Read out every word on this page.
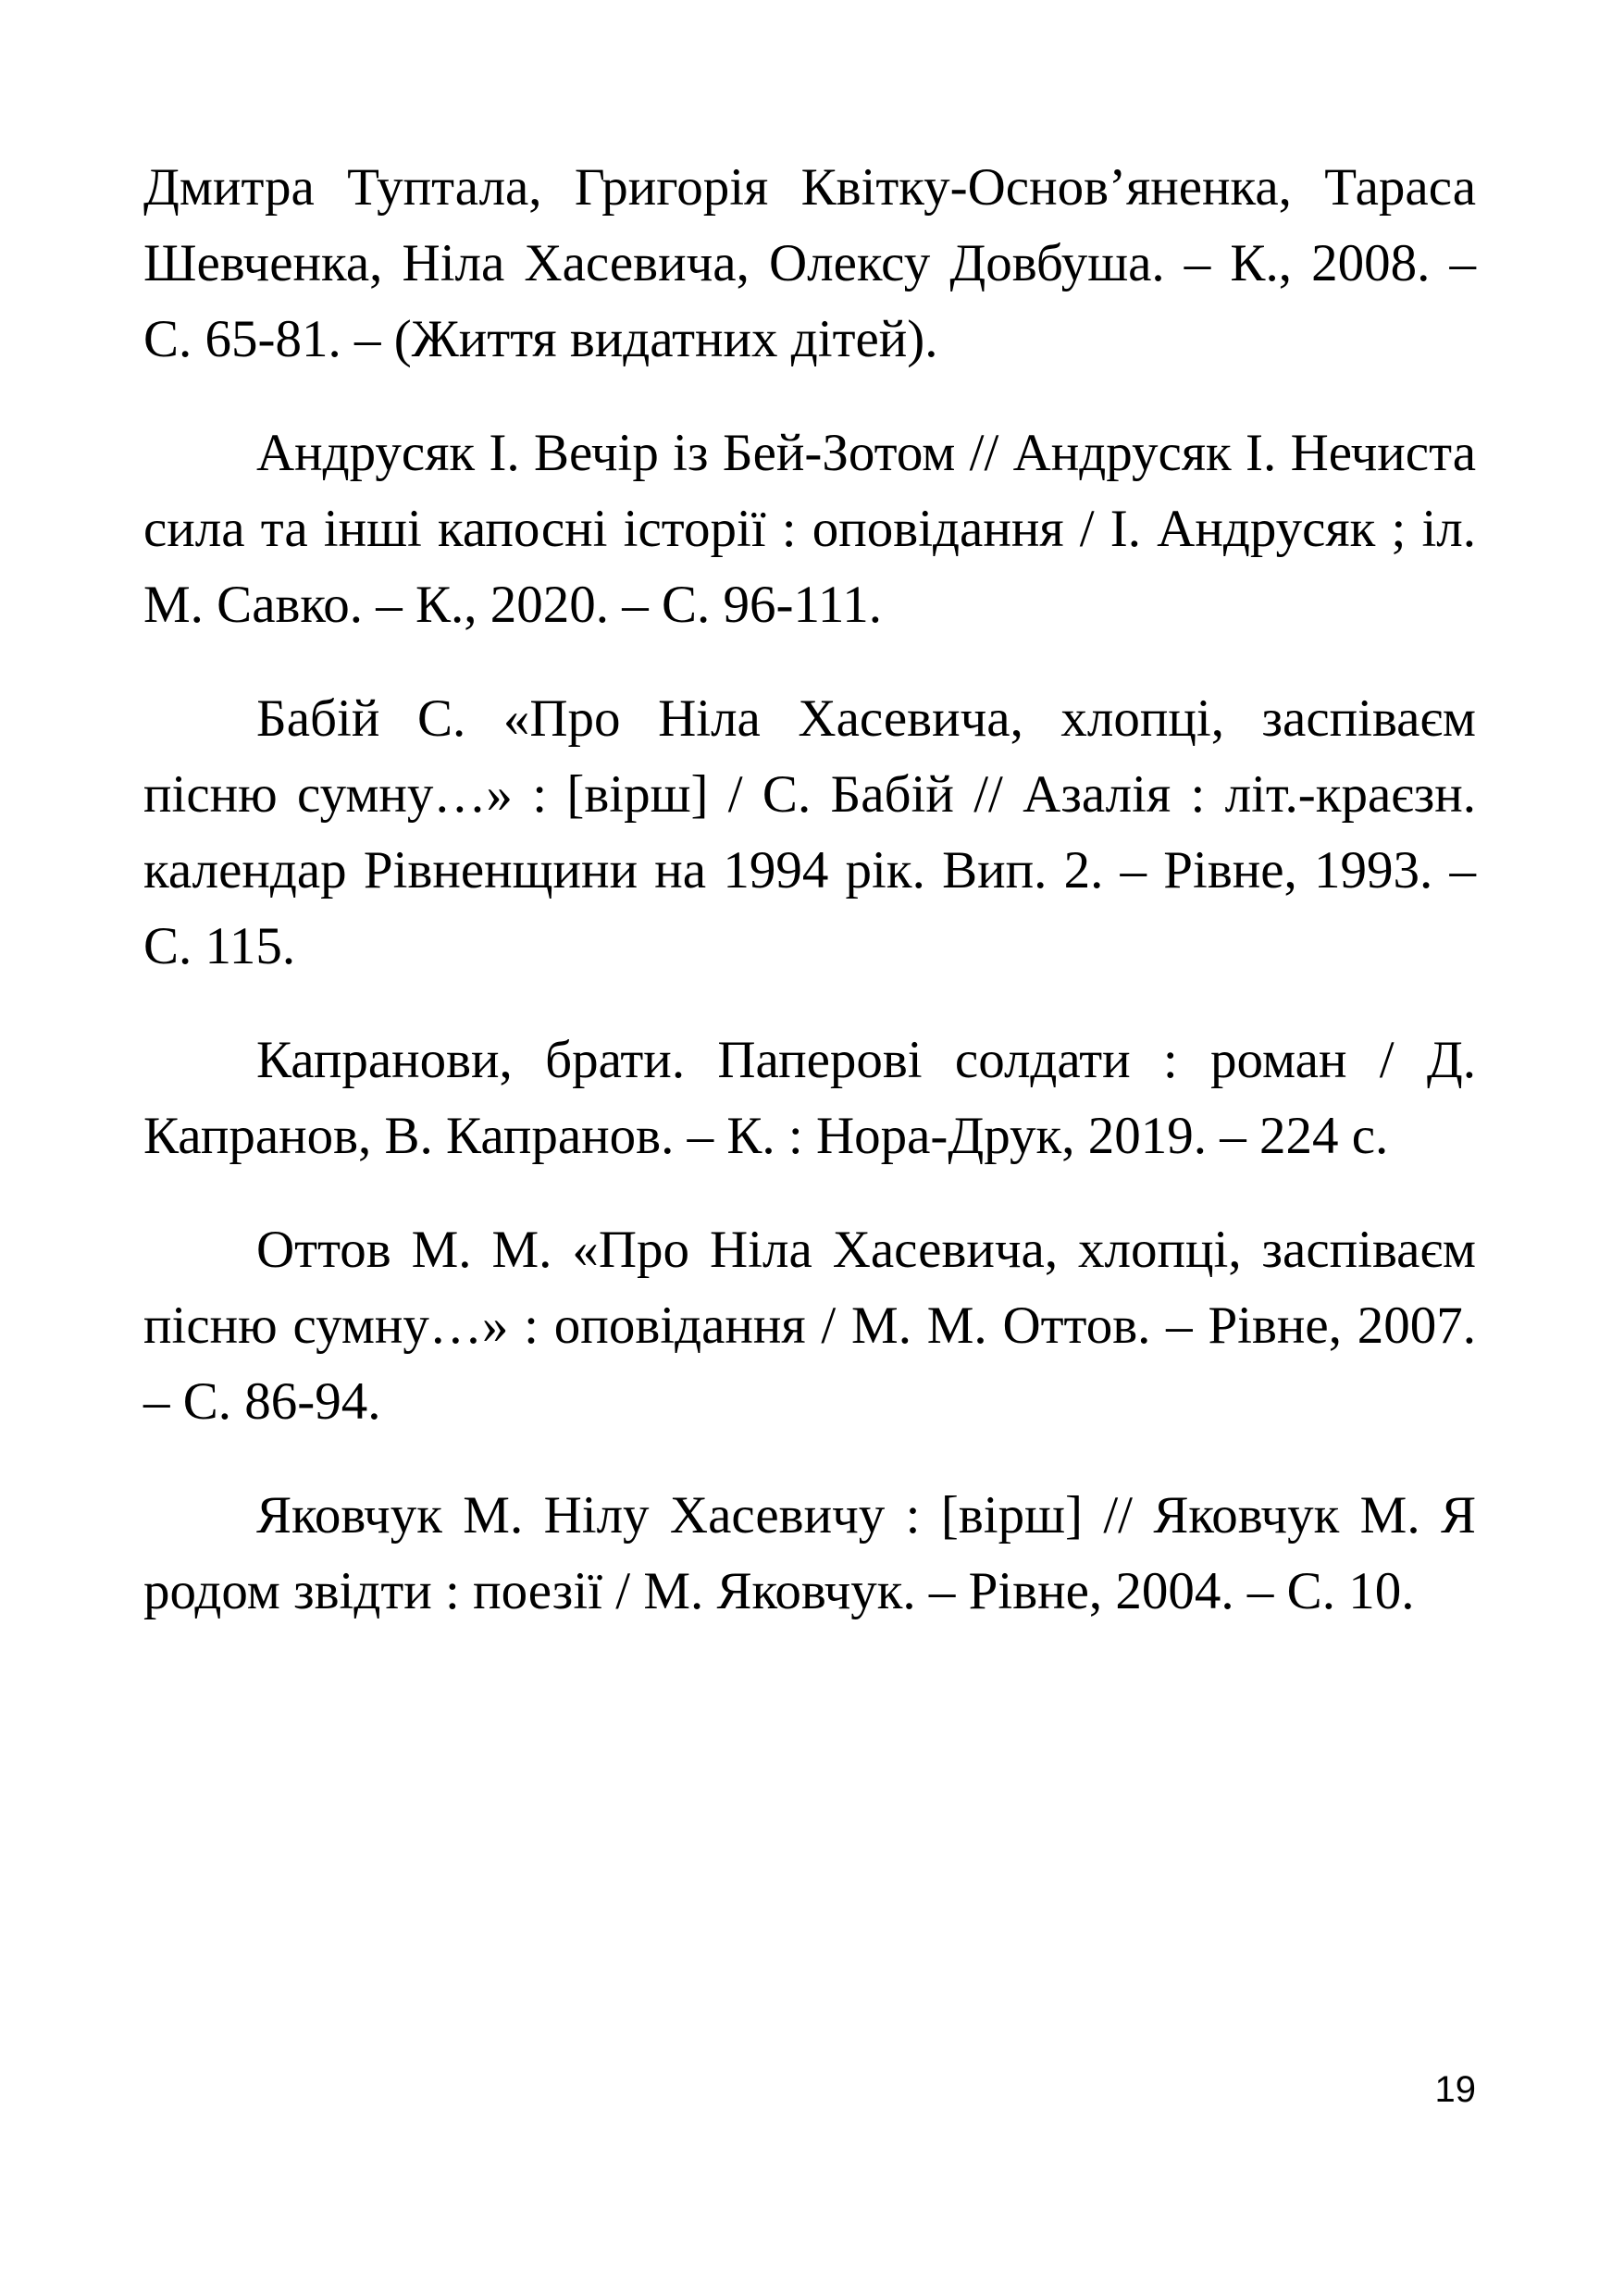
Дмитра Туптала, Григорія Квітку-Основ’яненка, Тараса Шевченка, Ніла Хасевича, Олексу Довбуша. – К., 2008. – С. 65-81. – (Життя видатних дітей).

Андрусяк І. Вечір із Бей-Зотом // Андрусяк І. Нечиста сила та інші капосні історії : оповідання / І. Андрусяк ; іл. М. Савко. – К., 2020. – С. 96-111.

Бабій С. «Про Ніла Хасевича, хлопці, заспіваєм пісню сумну…» : [вірш] / С. Бабій // Азалія : літ.-краєзн. календар Рівненщини на 1994 рік. Вип. 2. – Рівне, 1993. – С. 115.

Капранови, брати. Паперові солдати : роман / Д. Капранов, В. Капранов. – К. : Нора-Друк, 2019. – 224 с.

Оттов М. М. «Про Ніла Хасевича, хлопці, заспіваєм пісню сумну…» : оповідання / М. М. Оттов. – Рівне, 2007. – С. 86-94.

Яковчук М. Нілу Хасевичу : [вірш] // Яковчук М. Я родом звідти : поезії / М. Яковчук. – Рівне, 2004. – С. 10.

19
